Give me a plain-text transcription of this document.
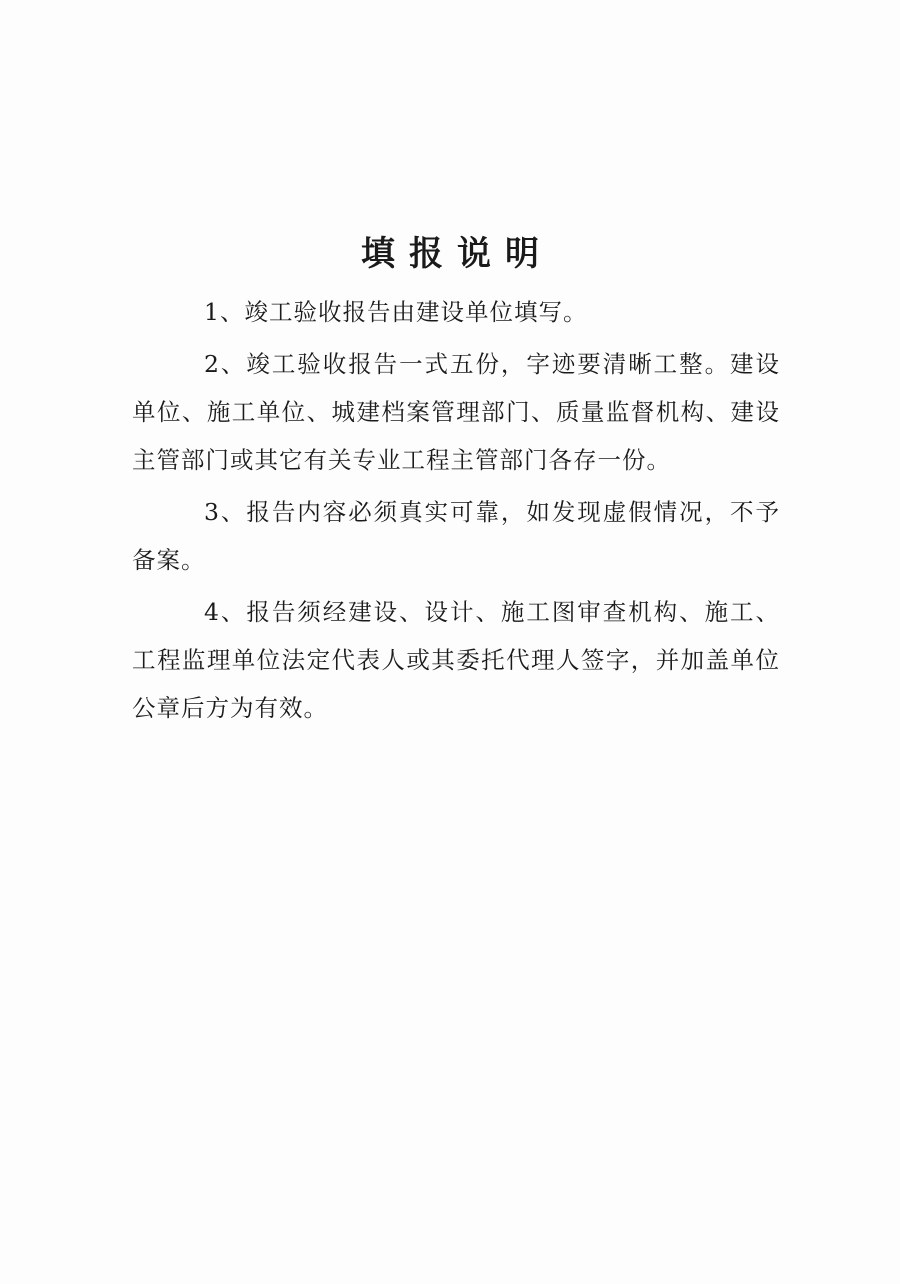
填报说明

1、竣工验收报告由建设单位填写。

2、竣工验收报告一式五份，字迹要清晰工整。建设单位、施工单位、城建档案管理部门、质量监督机构、建设主管部门或其它有关专业工程主管部门各存一份。

3、报告内容必须真实可靠，如发现虚假情况，不予备案。

4、报告须经建设、设计、施工图审查机构、施工、工程监理单位法定代表人或其委托代理人签字，并加盖单位公章后方为有效。
